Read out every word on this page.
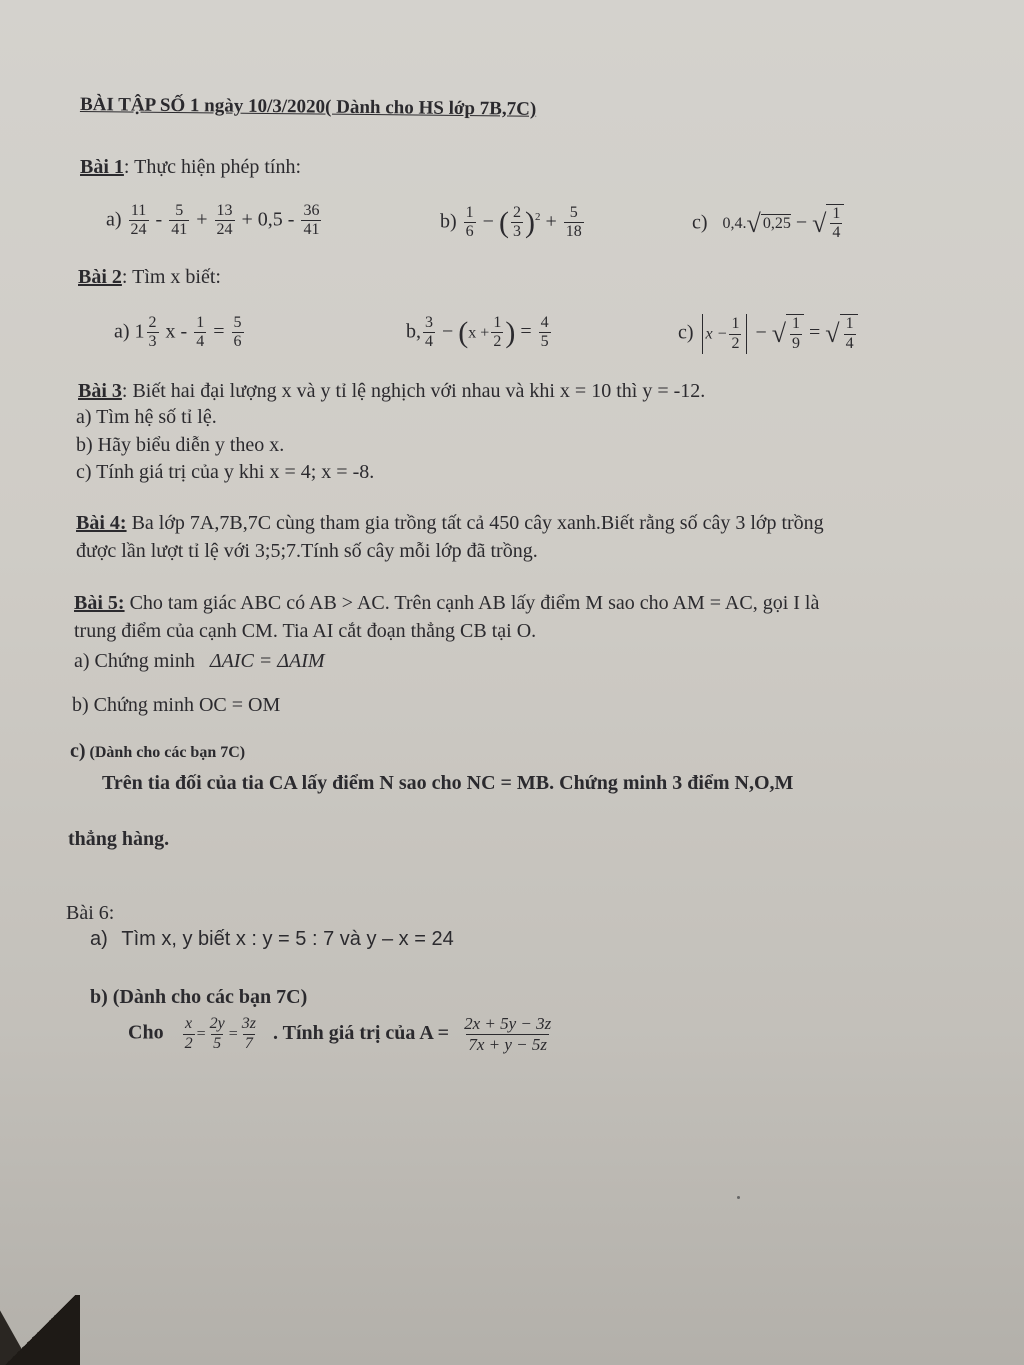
BÀI TẬP SỐ 1 ngày 10/3/2020( Dành cho HS lớp 7B,7C)
Bài 1: Thực hiện phép tính:
$a) \frac{11}{24} - \frac{5}{41} + \frac{13}{24} + 0,5 - \frac{36}{41}$	$b) \frac{1}{6}$ − ( $\frac{2}{3} )^2 + \frac{5}{18}$	c) 0,4.√ 0,25 − √ $\frac{1}{4}$
Bài 2: Tìm x biết:
a) $1 \frac{2}{3}$ $x - \frac{1}{4} = \frac{5}{6}$	b, $\frac{3}{4} - (x + \frac{1}{2}$ ) = $\frac{4}{5}$	c) $x - \frac{1}{2}$ − √ $\frac{1}{9}$ = √ $\frac{1}{4}$
Bài 3: Biết hai đại lượng x và y tỉ lệ nghịch với nhau và khi x = 10 thì y = -12.
a) Tìm hệ số tỉ lệ.
b) Hãy biểu diễn y theo x.
c) Tính giá trị của y khi x = 4; x = -8.
Bài 4: Ba lớp 7A,7B,7C cùng tham gia trồng tất cả 450 cây xanh.Biết rằng số cây 3 lớp trồng
được lần lượt tỉ lệ với 3;5;7.Tính số cây mỗi lớp đã trồng.
Bài 5: Cho tam giác ABC có AB > AC. Trên cạnh AB lấy điểm M sao cho AM = AC, gọi I là
trung điểm của cạnh CM. Tia AI cắt đoạn thẳng CB tại O.
a) Chứng minh ΔAIC = ΔAIM
b) Chứng minh OC = OM
c) (Dành cho các bạn 7C)
Trên tia đối của tia CA lấy điểm N sao cho NC = MB. Chứng minh 3 điểm N,O,M
thẳng hàng.
Bài 6:
a) Tìm x, y biết x : y = 5 : 7 và y – x = 24
b) (Dành cho các bạn 7C)
Cho $\frac{x}{2} = \frac{2y}{5} = \frac{3z}{7}$ . Tính giá trị của $A = \frac{2x + 5y - 3z}{7x + y - 5z}$
